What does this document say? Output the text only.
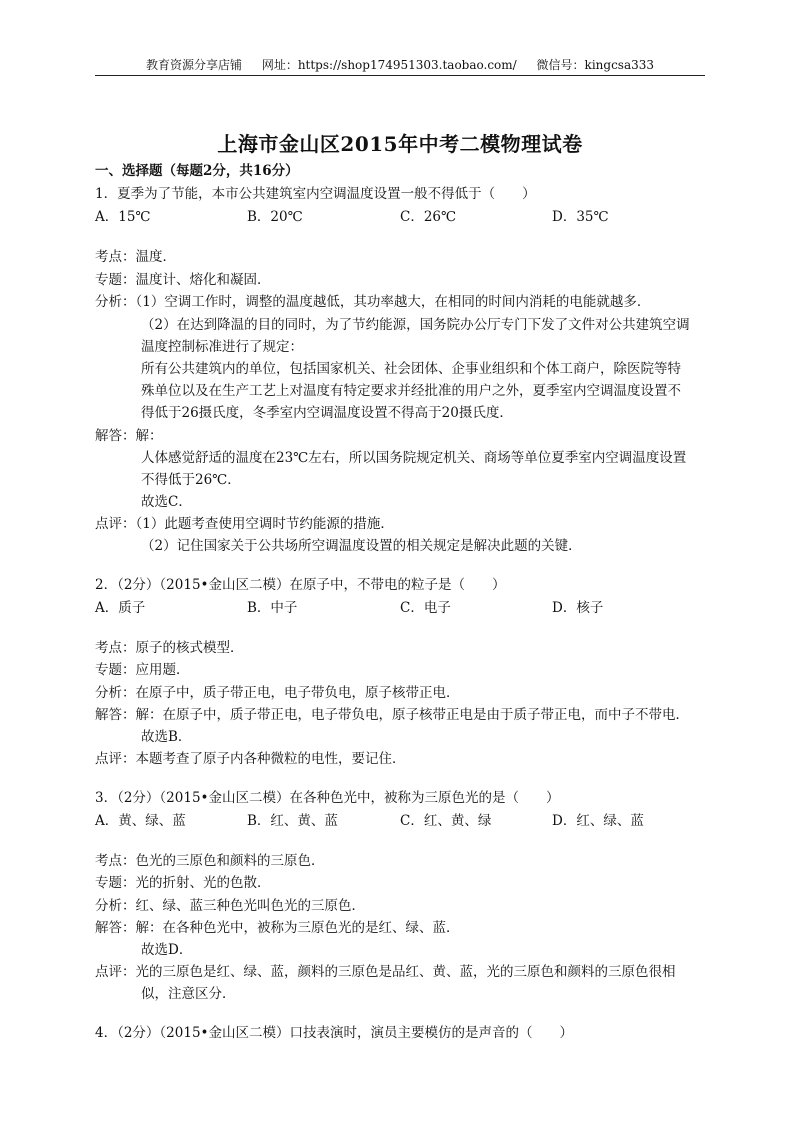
教育资源分享店铺 网址：https://shop174951303.taobao.com/ 微信号：kingcsa333
上海市金山区2015年中考二模物理试卷
一、选择题（每题2分，共16分）
1．夏季为了节能，本市公共建筑室内空调温度设置一般不得低于（　　）
A．15℃	B．20℃	C．26℃	D．35℃
考点：温度．
专题：温度计、熔化和凝固．
分析：（1）空调工作时，调整的温度越低，其功率越大，在相同的时间内消耗的电能就越多．
（2）在达到降温的目的同时，为了节约能源，国务院办公厅专门下发了文件对公共建筑空调
温度控制标准进行了规定：
所有公共建筑内的单位，包括国家机关、社会团体、企事业组织和个体工商户，除医院等特
殊单位以及在生产工艺上对温度有特定要求并经批准的用户之外，夏季室内空调温度设置不
得低于26摄氏度，冬季室内空调温度设置不得高于20摄氏度．
解答：解：
人体感觉舒适的温度在23℃左右，所以国务院规定机关、商场等单位夏季室内空调温度设置
不得低于26℃．
故选C．
点评：（1）此题考查使用空调时节约能源的措施．
（2）记住国家关于公共场所空调温度设置的相关规定是解决此题的关键．
2．（2分）（2015•金山区二模）在原子中，不带电的粒子是（　　）
A．质子	B．中子	C．电子	D．核子
考点：原子的核式模型．
专题：应用题．
分析：在原子中，质子带正电，电子带负电，原子核带正电．
解答：解：在原子中，质子带正电，电子带负电，原子核带正电是由于质子带正电，而中子不带电．
故选B．
点评：本题考查了原子内各种微粒的电性，要记住．
3．（2分）（2015•金山区二模）在各种色光中，被称为三原色光的是（　　）
A．黄、绿、蓝	B．红、黄、蓝	C．红、黄、绿	D．红、绿、蓝
考点：色光的三原色和颜料的三原色．
专题：光的折射、光的色散．
分析：红、绿、蓝三种色光叫色光的三原色．
解答：解：在各种色光中，被称为三原色光的是红、绿、蓝．
故选D．
点评：光的三原色是红、绿、蓝，颜料的三原色是品红、黄、蓝，光的三原色和颜料的三原色很相
似，注意区分．
4．（2分）（2015•金山区二模）口技表演时，演员主要模仿的是声音的（　　）
